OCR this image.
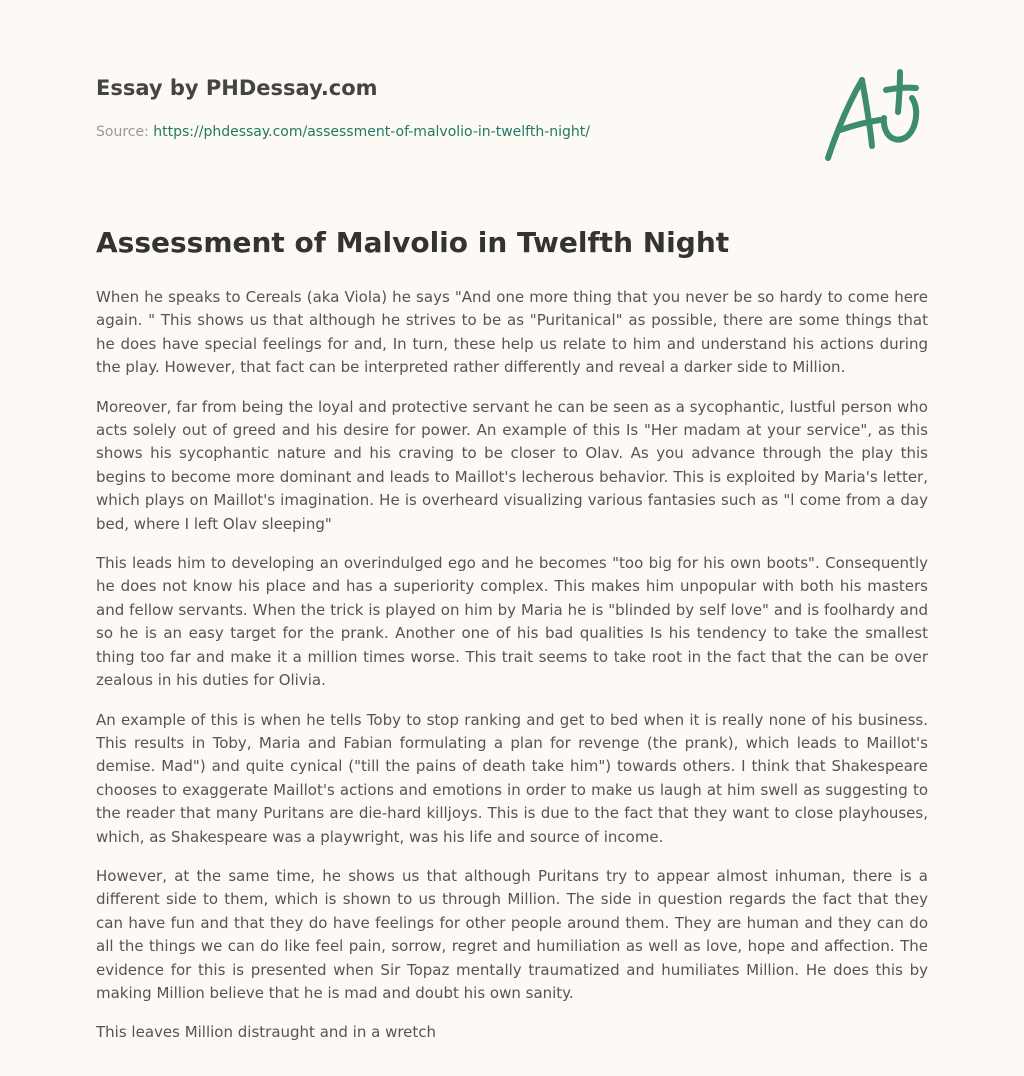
Essay by PHDessay.com
Source: https://phdessay.com/assessment-of-malvolio-in-twelfth-night/
Assessment of Malvolio in Twelfth Night

When he speaks to Cereals (aka Viola) he says "And one more thing that you never be so hardy to come here again. " This shows us that although he strives to be as "Puritanical" as possible, there are some things that he does have special feelings for and, In turn, these help us relate to him and understand his actions during the play. However, that fact can be interpreted rather differently and reveal a darker side to Million.

Moreover, far from being the loyal and protective servant he can be seen as a sycophantic, lustful person who acts solely out of greed and his desire for power. An example of this Is "Her madam at your service", as this shows his sycophantic nature and his craving to be closer to Olav. As you advance through the play this begins to become more dominant and leads to Maillot's lecherous behavior. This is exploited by Maria's letter, which plays on Maillot's imagination. He is overheard visualizing various fantasies such as "l come from a day bed, where I left Olav sleeping"

This leads him to developing an overindulged ego and he becomes "too big for his own boots". Consequently he does not know his place and has a superiority complex. This makes him unpopular with both his masters and fellow servants. When the trick is played on him by Maria he is "blinded by self love" and is foolhardy and so he is an easy target for the prank. Another one of his bad qualities Is his tendency to take the smallest thing too far and make it a million times worse. This trait seems to take root in the fact that the can be over zealous in his duties for Olivia.

An example of this is when he tells Toby to stop ranking and get to bed when it is really none of his business. This results in Toby, Maria and Fabian formulating a plan for revenge (the prank), which leads to Maillot's demise. Mad") and quite cynical ("till the pains of death take him") towards others. I think that Shakespeare chooses to exaggerate Maillot's actions and emotions in order to make us laugh at him swell as suggesting to the reader that many Puritans are die-hard killjoys. This is due to the fact that they want to close playhouses, which, as Shakespeare was a playwright, was his life and source of income.

However, at the same time, he shows us that although Puritans try to appear almost inhuman, there is a different side to them, which is shown to us through Million. The side in question regards the fact that they can have fun and that they do have feelings for other people around them. They are human and they can do all the things we can do like feel pain, sorrow, regret and humiliation as well as love, hope and affection. The evidence for this is presented when Sir Topaz mentally traumatized and humiliates Million. He does this by making Million believe that he is mad and doubt his own sanity.

This leaves Million distraught and in a wretch
